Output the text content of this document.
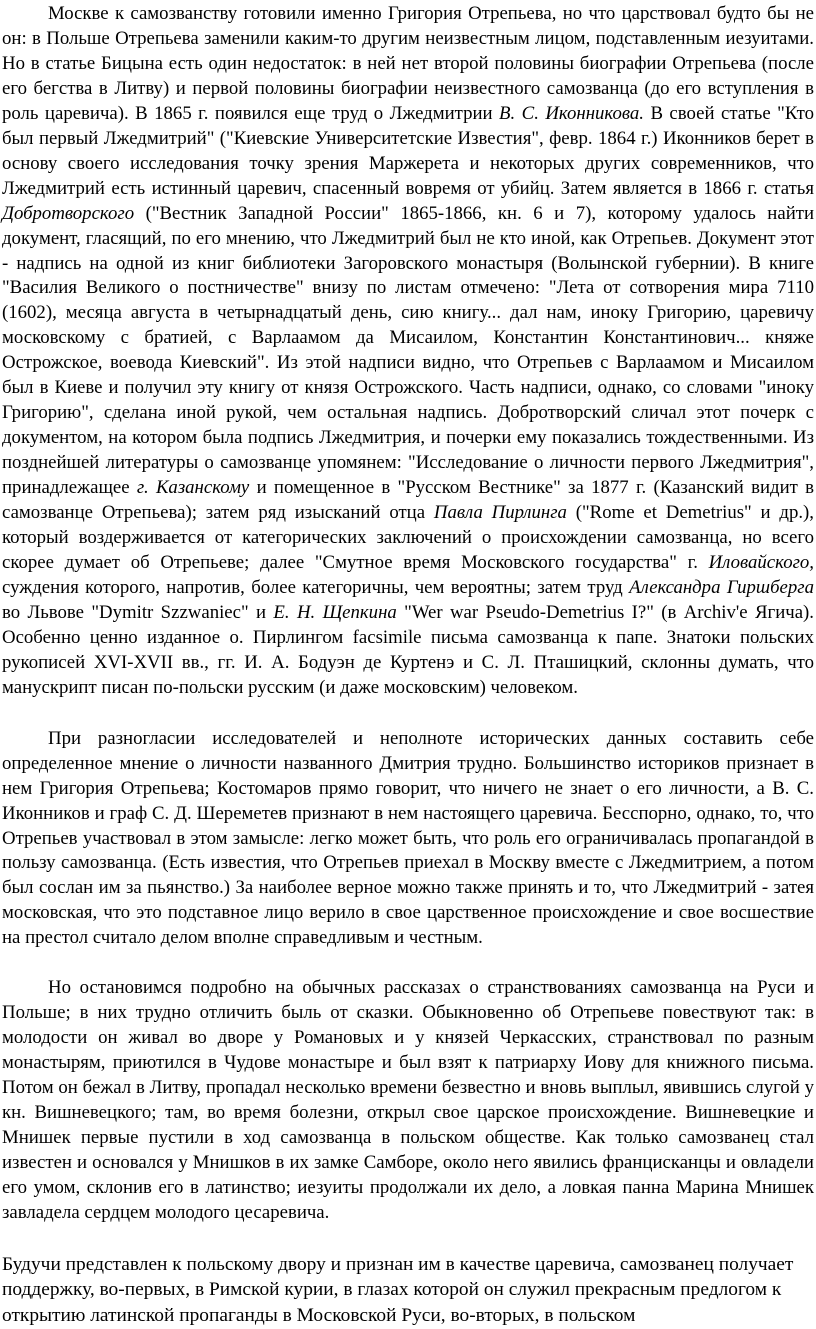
Москве к самозванству готовили именно Григория Отрепьева, но что царствовал будто бы не он: в Польше Отрепьева заменили каким-то другим неизвестным лицом, подставленным иезуитами. Но в статье Бицына есть один недостаток: в ней нет второй половины биографии Отрепьева (после его бегства в Литву) и первой половины биографии неизвестного самозванца (до его вступления в роль царевича). В 1865 г. появился еще труд о Лжедмитрии В. С. Иконникова. В своей статье "Кто был первый Лжедмитрий" ("Киевские Университетские Известия", февр. 1864 г.) Иконников берет в основу своего исследования точку зрения Маржерета и некоторых других современников, что Лжедмитрий есть истинный царевич, спасенный вовремя от убийц. Затем является в 1866 г. статья Добротворского ("Вестник Западной России" 1865-1866, кн. 6 и 7), которому удалось найти документ, гласящий, по его мнению, что Лжедмитрий был не кто иной, как Отрепьев. Документ этот - надпись на одной из книг библиотеки Загоровского монастыря (Волынской губернии). В книге "Василия Великого о постничестве" внизу по листам отмечено: "Лета от сотворения мира 7110 (1602), месяца августа в четырнадцатый день, сию книгу... дал нам, иноку Григорию, царевичу московскому с братией, с Варлаамом да Мисаилом, Константин Константинович... княже Острожское, воевода Киевский". Из этой надписи видно, что Отрепьев с Варлаамом и Мисаилом был в Киеве и получил эту книгу от князя Острожского. Часть надписи, однако, со словами "иноку Григорию", сделана иной рукой, чем остальная надпись. Добротворский сличал этот почерк с документом, на котором была подпись Лжедмитрия, и почерки ему показались тождественными. Из позднейшей литературы о самозванце упомянем: "Исследование о личности первого Лжедмитрия", принадлежащее г. Казанскому и помещенное в "Русском Вестнике" за 1877 г. (Казанский видит в самозванце Отрепьева); затем ряд изысканий отца Павла Пирлинга ("Rome et Demetrius" и др.), который воздерживается от категорических заключений о происхождении самозванца, но всего скорее думает об Отрепьеве; далее "Смутное время Московского государства" г. Иловайского, суждения которого, напротив, более категоричны, чем вероятны; затем труд Александра Гиршберга во Львове "Dymitr Szzwaniec" и Е. Н. Щепкина "Wer war Pseudo-Demetrius I?" (в Archiv'е Ягича). Особенно ценно изданное о. Пирлингом facsimile письма самозванца к папе. Знатоки польских рукописей XVI-XVII вв., гг. И. А. Бодуэн де Куртенэ и С. Л. Пташицкий, склонны думать, что манускрипт писан по-польски русским (и даже московским) человеком.

При разногласии исследователей и неполноте исторических данных составить себе определенное мнение о личности названного Дмитрия трудно. Большинство историков признает в нем Григория Отрепьева; Костомаров прямо говорит, что ничего не знает о его личности, а В. С. Иконников и граф С. Д. Шереметев признают в нем настоящего царевича. Бесспорно, однако, то, что Отрепьев участвовал в этом замысле: легко может быть, что роль его ограничивалась пропагандой в пользу самозванца. (Есть известия, что Отрепьев приехал в Москву вместе с Лжедмитрием, а потом был сослан им за пьянство.) За наиболее верное можно также принять и то, что Лжедмитрий - затея московская, что это подставное лицо верило в свое царственное происхождение и свое восшествие на престол считало делом вполне справедливым и честным.

Но остановимся подробно на обычных рассказах о странствованиях самозванца на Руси и Польше; в них трудно отличить быль от сказки. Обыкновенно об Отрепьеве повествуют так: в молодости он живал во дворе у Романовых и у князей Черкасских, странствовал по разным монастырям, приютился в Чудове монастыре и был взят к патриарху Иову для книжного письма. Потом он бежал в Литву, пропадал несколько времени безвестно и вновь выплыл, явившись слугой у кн. Вишневецкого; там, во время болезни, открыл свое царское происхождение. Вишневецкие и Мнишек первые пустили в ход самозванца в польском обществе. Как только самозванец стал известен и основался у Мнишков в их замке Самборе, около него явились францисканцы и овладели его умом, склонив его в латинство; иезуиты продолжали их дело, а ловкая панна Марина Мнишек завладела сердцем молодого цесаревича.

Будучи представлен к польскому двору и признан им в качестве царевича, самозванец получает поддержку, во-первых, в Римской курии, в глазах которой он служил прекрасным предлогом к открытию латинской пропаганды в Московской Руси, во-вторых, в польском
